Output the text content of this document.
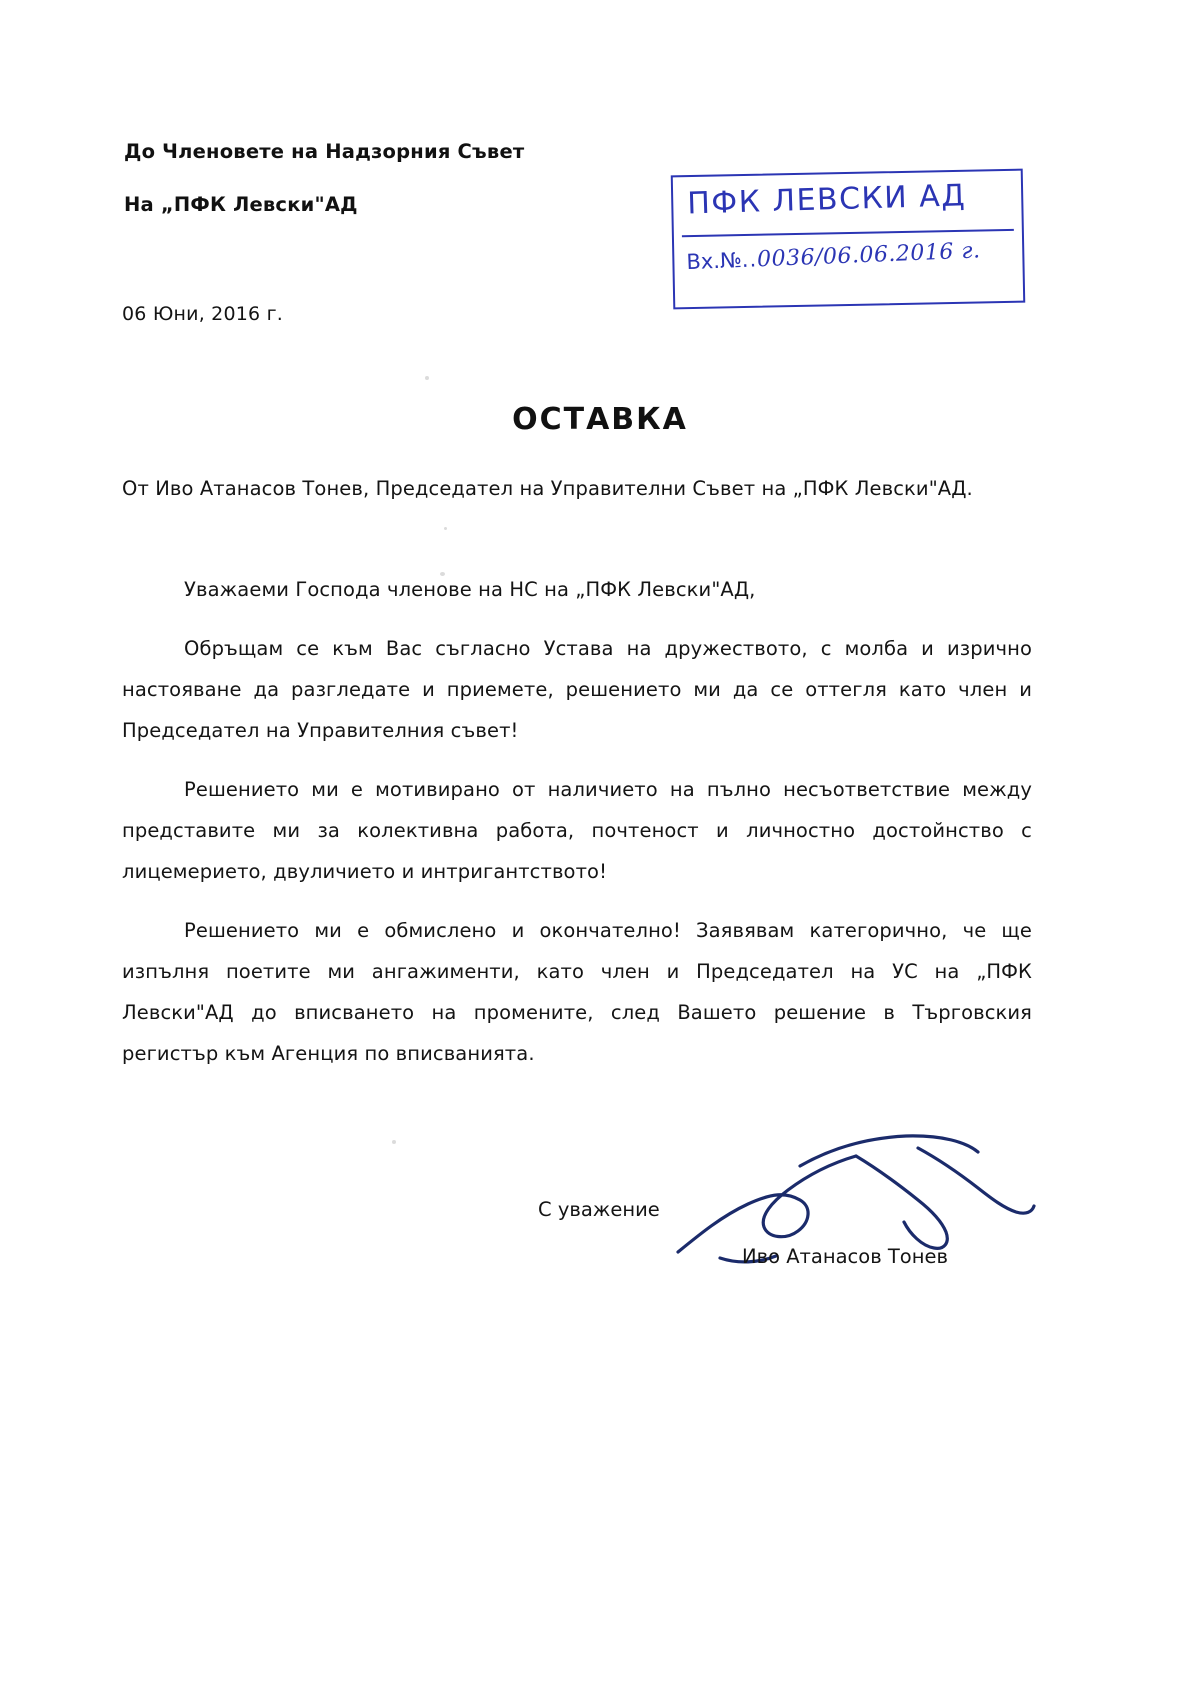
До Членовете на Надзорния Съвет
На „ПФК Левски"АД
06 Юни, 2016 г.
ПФК ЛЕВСКИ АД
Вх.№..0036/06.06.2016 г.
ОСТАВКА

От Иво Атанасов Тонев, Председател на Управителни Съвет на „ПФК Левски"АД.

Уважаеми Господа членове на НС на „ПФК Левски"АД,

Обръщам се към Вас съгласно Устава на дружеството, с молба и изрично настояване да разгледате и приемете, решението ми да се оттегля като член и Председател на Управителния съвет!

Решението ми е мотивирано от наличието на пълно несъответствие между представите ми за колективна работа, почтеност и личностно достойнство с лицемерието, двуличието и интригантството!

Решението ми е обмислено и окончателно! Заявявам категорично, че ще изпълня поетите ми ангажименти, като член и Председател на УС на „ПФК Левски"АД до вписването на промените, след Вашето решение в Търговския регистър към Агенция по вписванията.

С уважение
Иво Атанасов Тонев
